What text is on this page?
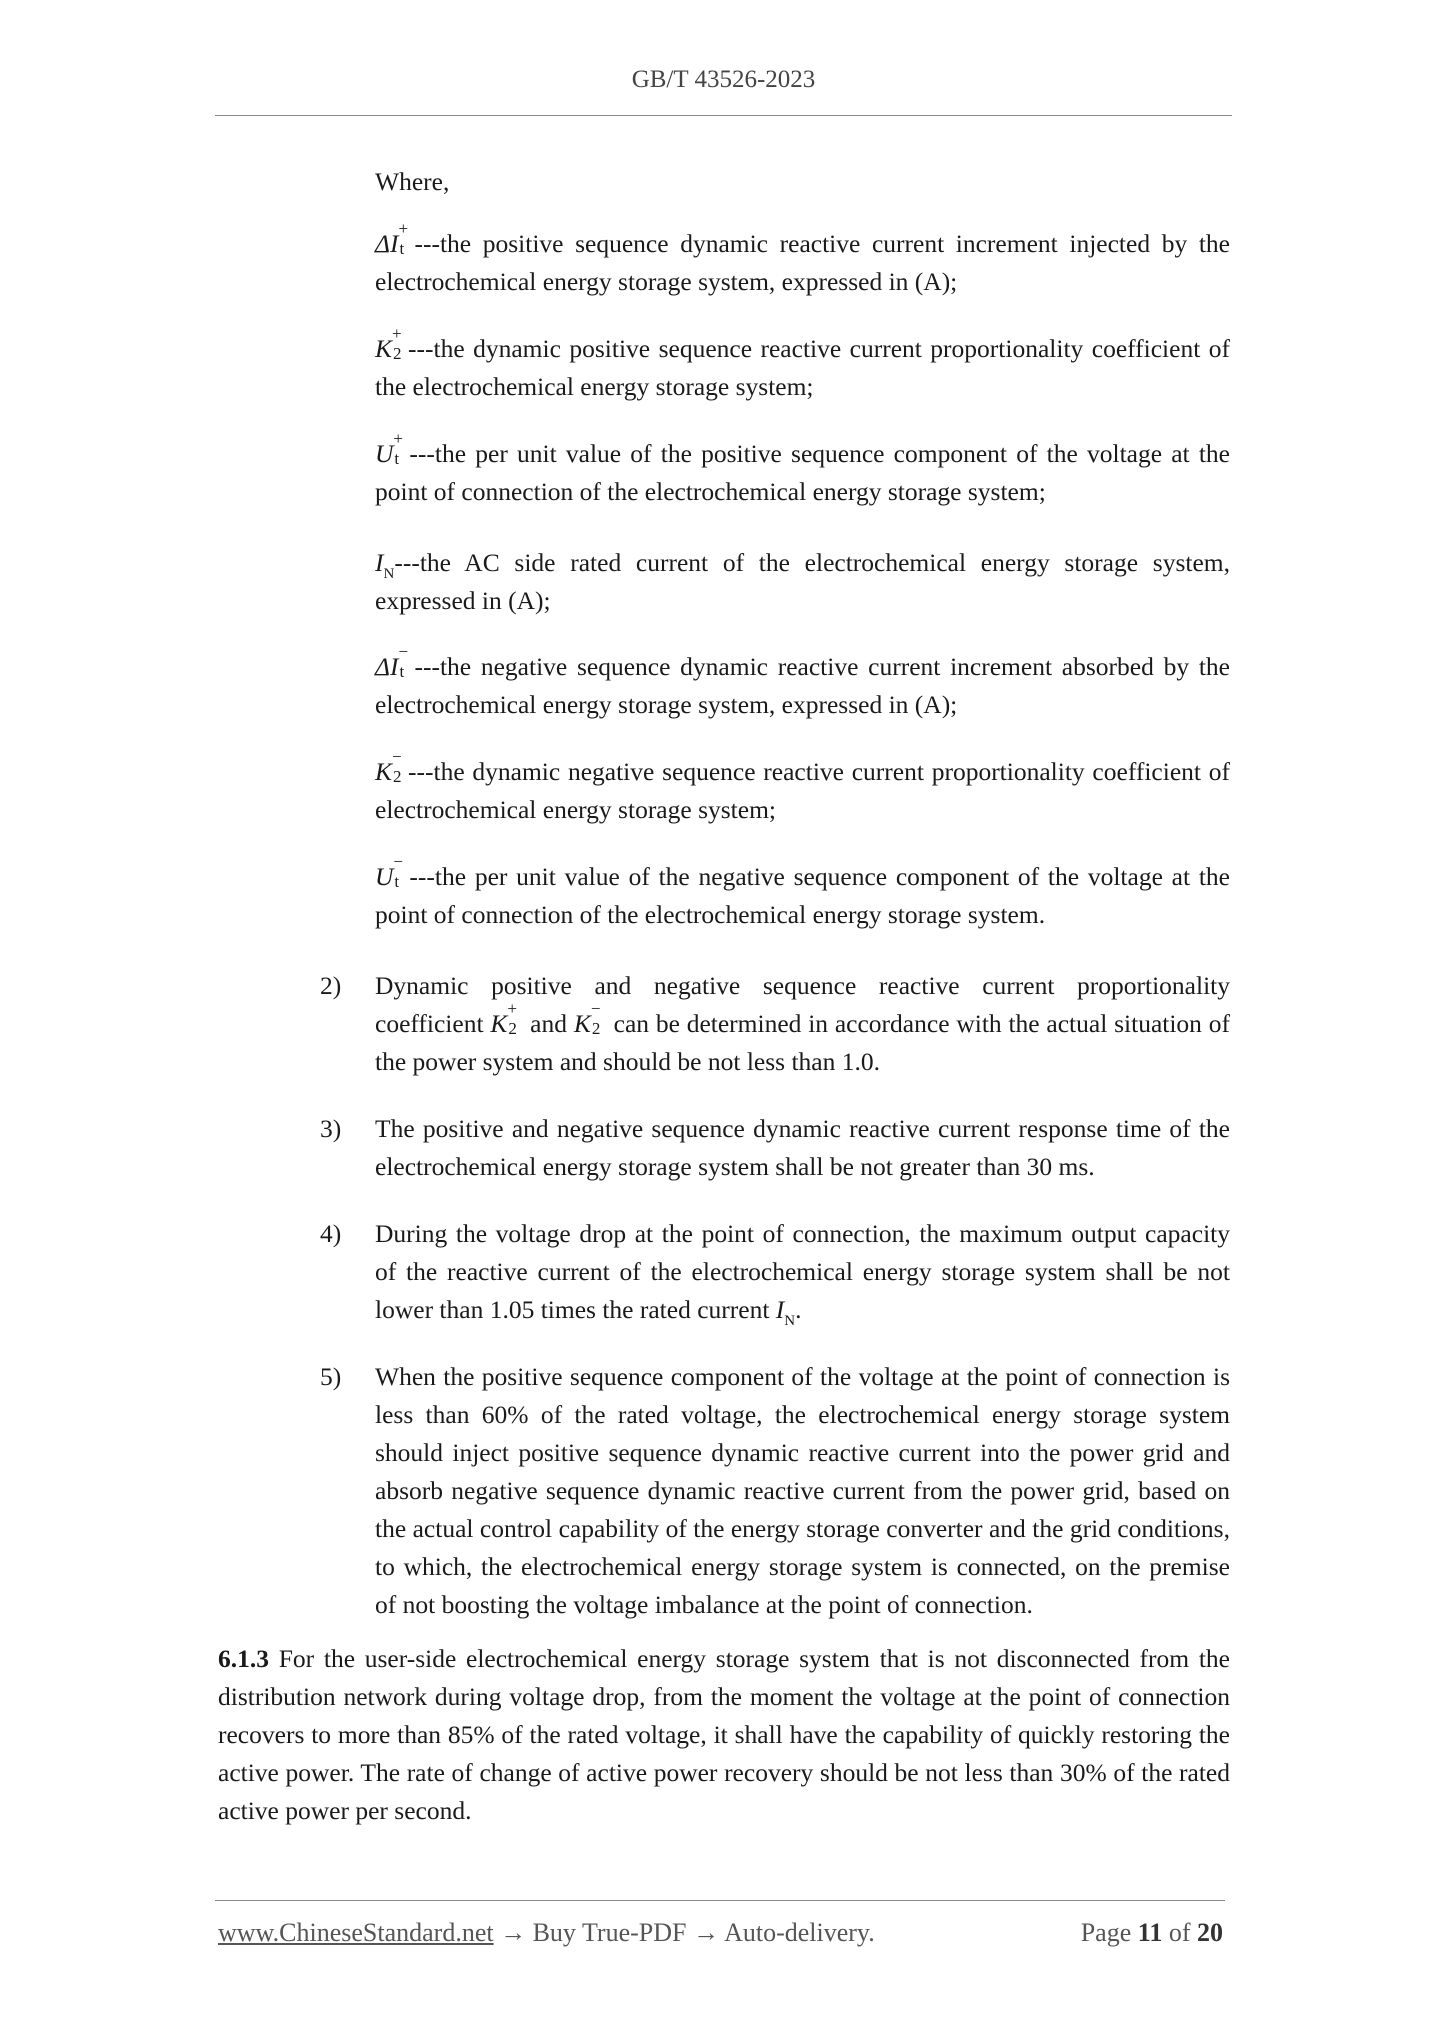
GB/T 43526-2023
Where,
ΔI
+
t ---the positive sequence dynamic reactive current increment injected by the electrochemical energy storage system, expressed in (A);
K
+
2 ---the dynamic positive sequence reactive current proportionality coefficient of the electrochemical energy storage system;
U
+
t ---the per unit value of the positive sequence component of the voltage at the point of connection of the electrochemical energy storage system;
$I_N--$-the AC side rated current of the electrochemical energy storage system, expressed in (A);
ΔI
−
t ---the negative sequence dynamic reactive current increment absorbed by the electrochemical energy storage system, expressed in (A);
K
−
2 ---the dynamic negative sequence reactive current proportionality coefficient of electrochemical energy storage system;
U
−
t ---the per unit value of the negative sequence component of the voltage at the point of connection of the electrochemical energy storage system.
2)	Dynamic positive and negative sequence reactive current proportionality coefficient K
+
2 and K
−
2 can be determined in accordance with the actual situation of the power system and should be not less than 1.0.
3)	The positive and negative sequence dynamic reactive current response time of the electrochemical energy storage system shall be not greater than 30 ms.
4)	During the voltage drop at the point of connection, the maximum output capacity of the reactive current of the electrochemical energy storage system shall be not lower than 1.05 times the rated current $I_N$.
5)	When the positive sequence component of the voltage at the point of connection is less than 60% of the rated voltage, the electrochemical energy storage system should inject positive sequence dynamic reactive current into the power grid and absorb negative sequence dynamic reactive current from the power grid, based on the actual control capability of the energy storage converter and the grid conditions, to which, the electrochemical energy storage system is connected, on the premise of not boosting the voltage imbalance at the point of connection.
6.1.3 For the user-side electrochemical energy storage system that is not disconnected from the distribution network during voltage drop, from the moment the voltage at the point of connection recovers to more than 85% of the rated voltage, it shall have the capability of quickly restoring the active power. The rate of change of active power recovery should be not less than 30% of the rated active power per second.
www.ChineseStandard.net → Buy True-PDF → Auto-delivery.	Page 11 of 20
